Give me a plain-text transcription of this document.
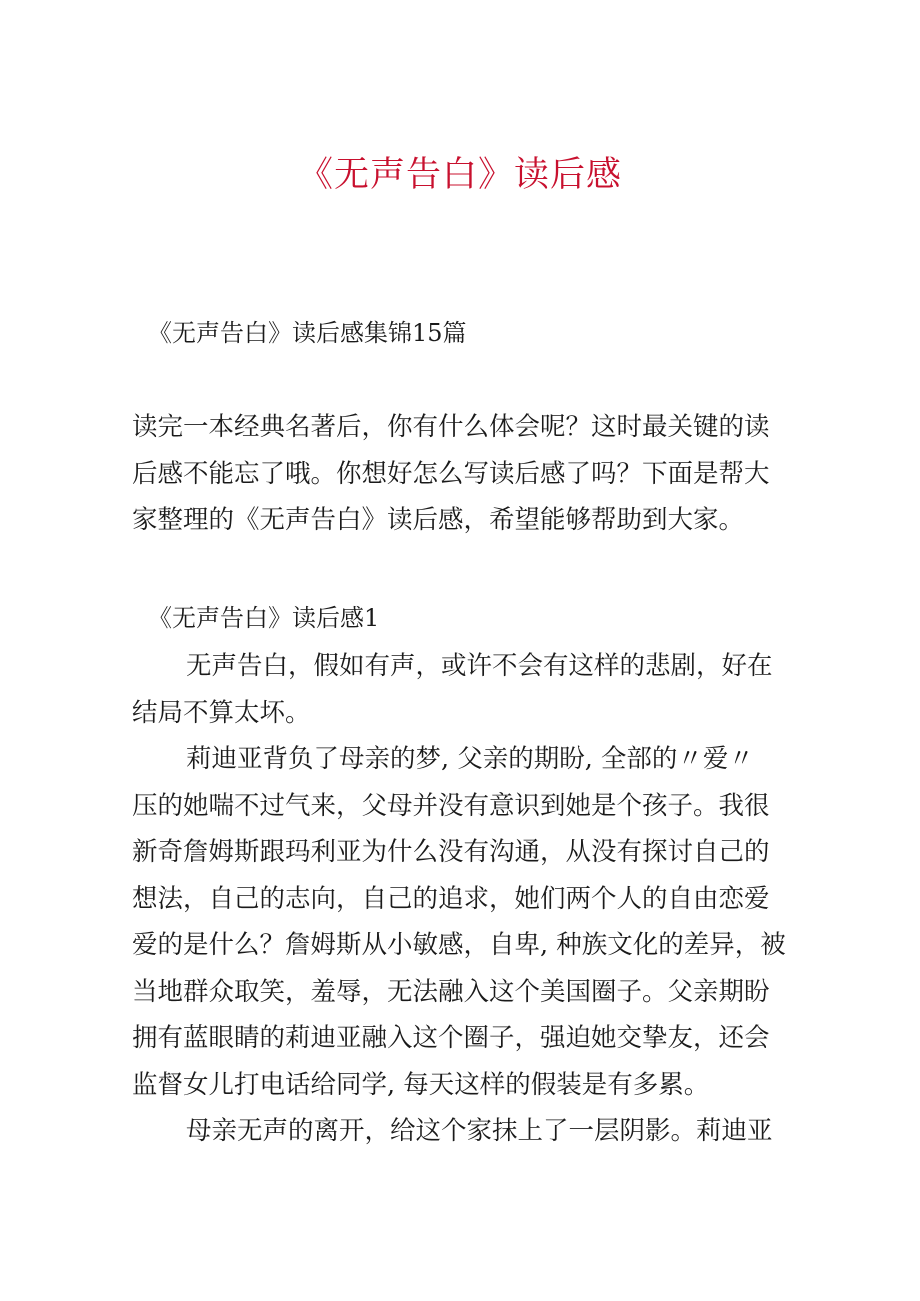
《无声告白》读后感
《无声告白》读后感集锦15篇
读完一本经典名著后，你有什么体会呢？这时最关键的读
后感不能忘了哦。你想好怎么写读后感了吗？下面是帮大
家整理的《无声告白》读后感，希望能够帮助到大家。
《无声告白》读后感1
无声告白，假如有声，或许不会有这样的悲剧，好在
结局不算太坏。
莉迪亚背负了母亲的梦, 父亲的期盼, 全部的〃爱〃
压的她喘不过气来，父母并没有意识到她是个孩子。我很
新奇詹姆斯跟玛利亚为什么没有沟通，从没有探讨自己的
想法，自己的志向，自己的追求，她们两个人的自由恋爱
爱的是什么？詹姆斯从小敏感，自卑, 种族文化的差异，被
当地群众取笑，羞辱，无法融入这个美国圈子。父亲期盼
拥有蓝眼睛的莉迪亚融入这个圈子，强迫她交挚友，还会
监督女儿打电话给同学, 每天这样的假装是有多累。
母亲无声的离开，给这个家抹上了一层阴影。莉迪亚
